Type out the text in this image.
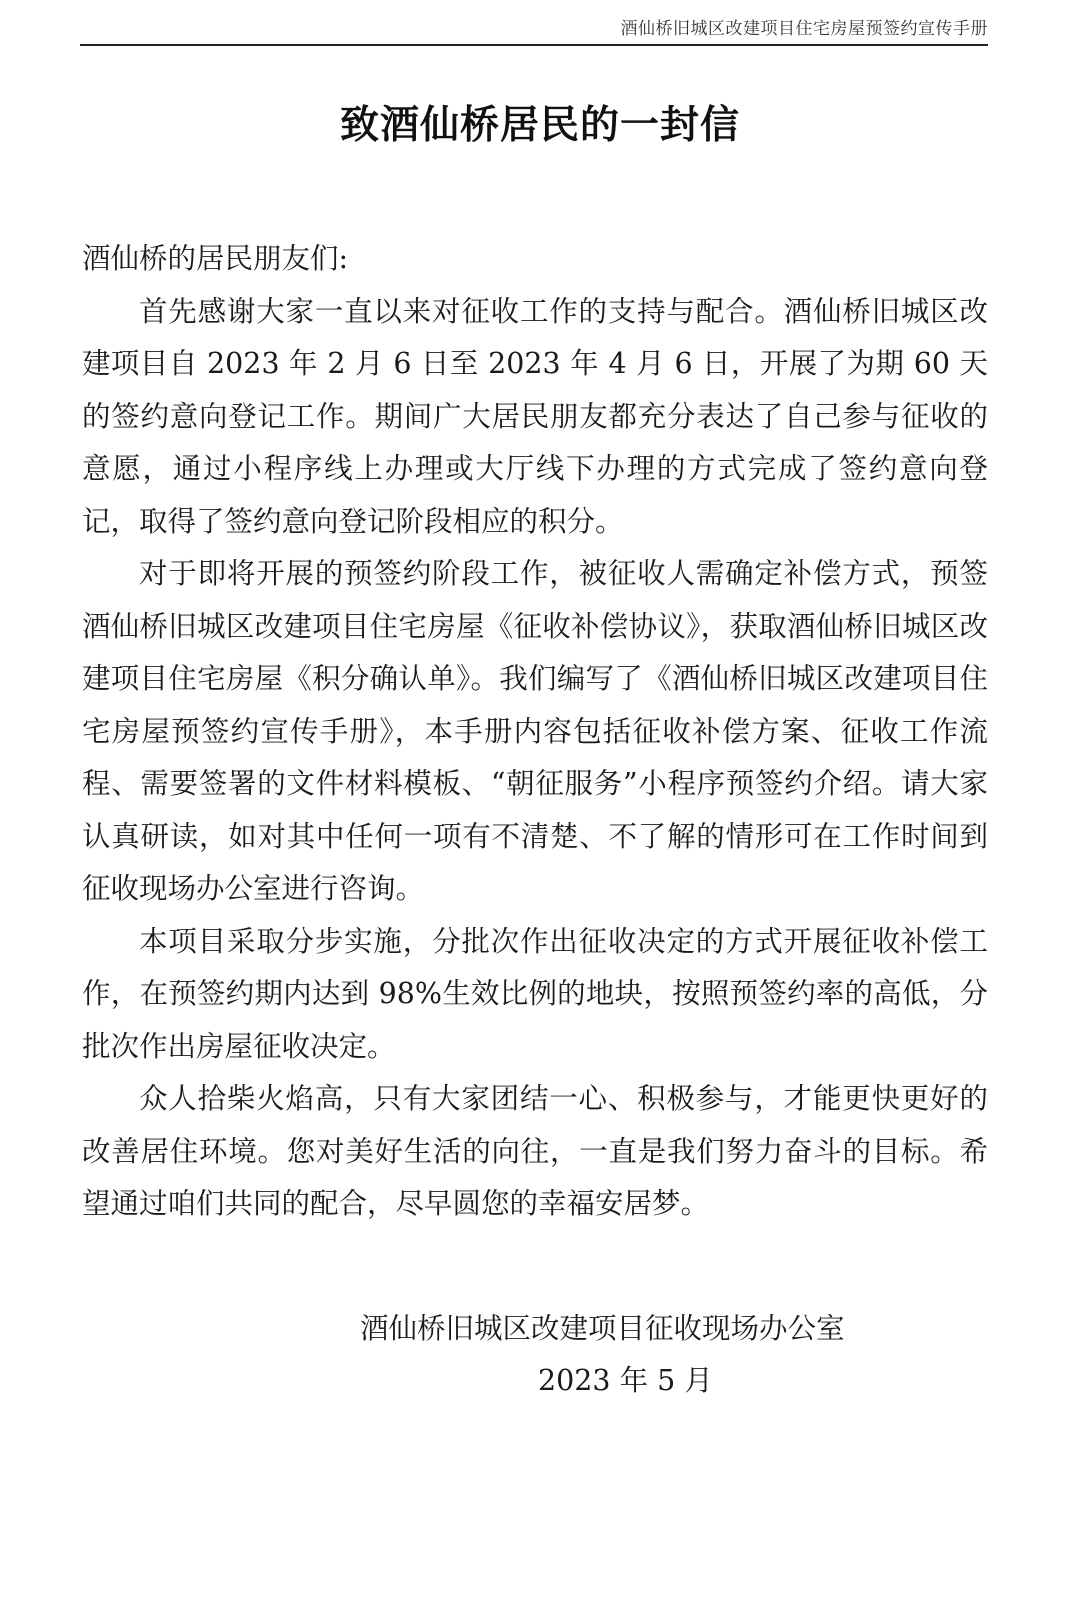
酒仙桥旧城区改建项目住宅房屋预签约宣传手册
致酒仙桥居民的一封信

酒仙桥的居民朋友们:

首先感谢大家一直以来对征收工作的支持与配合。酒仙桥旧城区改建项目自 2023 年 2 月 6 日至 2023 年 4 月 6 日，开展了为期 60 天的签约意向登记工作。期间广大居民朋友都充分表达了自己参与征收的意愿，通过小程序线上办理或大厅线下办理的方式完成了签约意向登记，取得了签约意向登记阶段相应的积分。

对于即将开展的预签约阶段工作，被征收人需确定补偿方式，预签酒仙桥旧城区改建项目住宅房屋《征收补偿协议》，获取酒仙桥旧城区改建项目住宅房屋《积分确认单》。我们编写了《酒仙桥旧城区改建项目住宅房屋预签约宣传手册》，本手册内容包括征收补偿方案、征收工作流程、需要签署的文件材料模板、“朝征服务”小程序预签约介绍。请大家认真研读，如对其中任何一项有不清楚、不了解的情形可在工作时间到征收现场办公室进行咨询。

本项目采取分步实施，分批次作出征收决定的方式开展征收补偿工作，在预签约期内达到 98%生效比例的地块，按照预签约率的高低，分批次作出房屋征收决定。

众人拾柴火焰高，只有大家团结一心、积极参与，才能更快更好的改善居住环境。您对美好生活的向往，一直是我们努力奋斗的目标。希望通过咱们共同的配合，尽早圆您的幸福安居梦。

酒仙桥旧城区改建项目征收现场办公室
2023 年 5 月
